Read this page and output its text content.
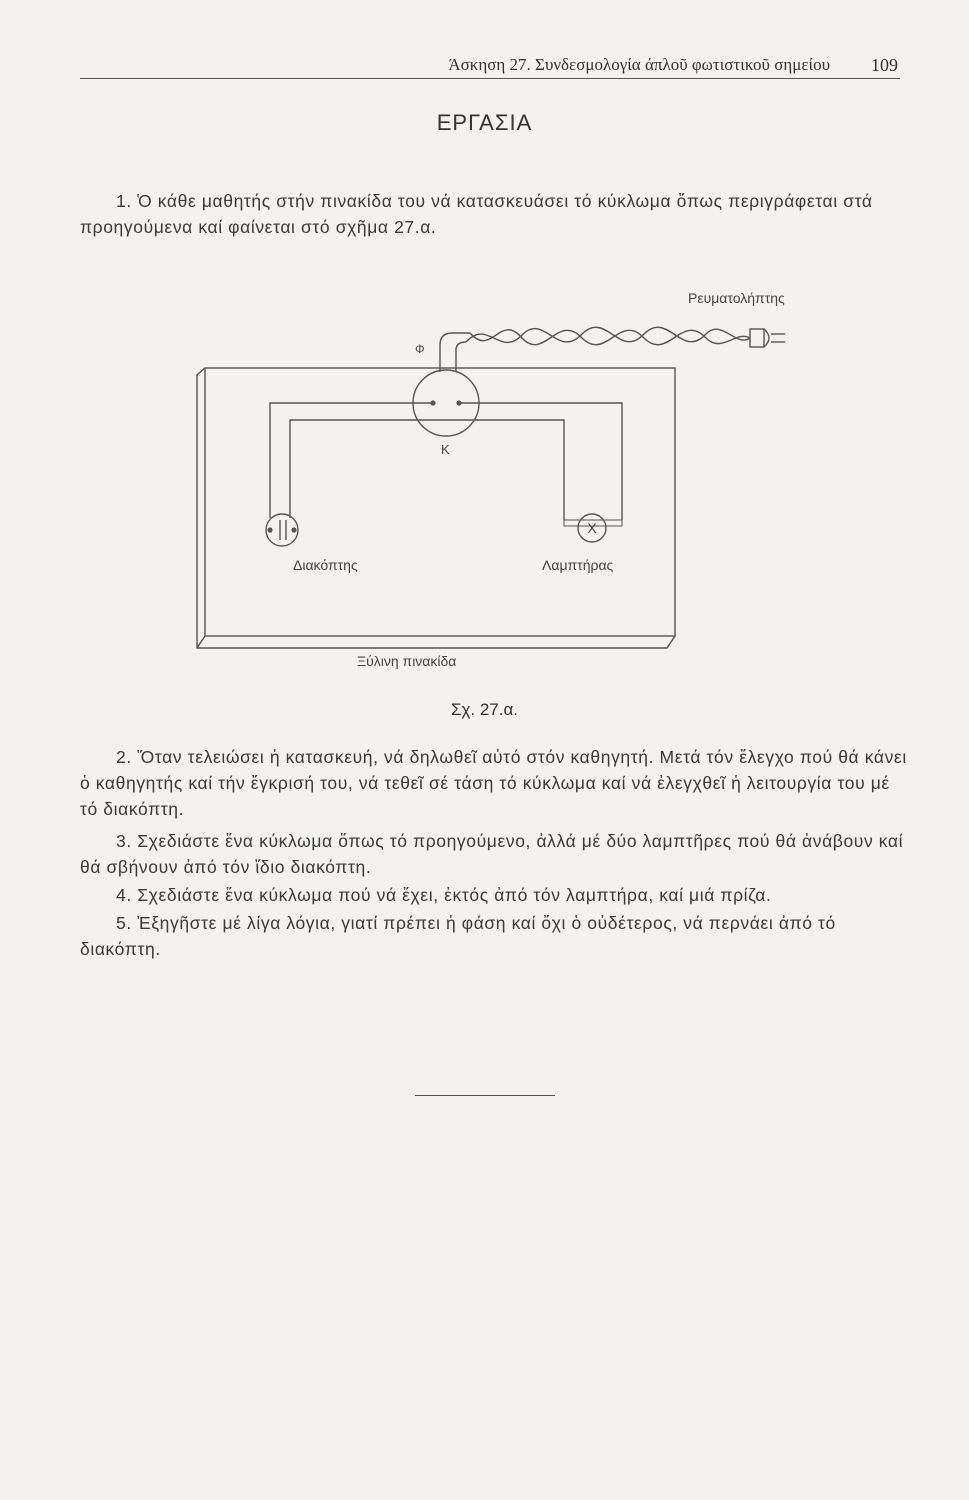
Άσκηση 27. Συνδεσμολογία άπλοῦ φωτιστικοῦ σημείου 109
ΕΡΓΑΣΙΑ
1. Ὁ κάθε μαθητής στήν πινακίδα του νά κατασκευάσει τό κύκλωμα ὅπως περιγράφεται στά προηγούμενα καί φαίνεται στό σχῆμα 27.α.
X
Ρευματολήπτης
Φ
Κ
Διακόπτης	Λαμπτήρας
Ξύλινη πινακίδα
Σχ. 27.α.
2. Ὅταν τελειώσει ἡ κατασκευή, νά δηλωθεῖ αὐτό στόν καθηγητή. Μετά τόν ἔλεγχο πού θά κάνει ὁ καθηγητής καί τήν ἔγκρισή του, νά τεθεῖ σέ τάση τό κύκλωμα καί νά ἐλεγχθεῖ ἡ λειτουργία του μέ τό διακόπτη.
3. Σχεδιάστε ἕνα κύκλωμα ὅπως τό προηγούμενο, ἀλλά μέ δύο λαμπτῆρες πού θά ἀνάβουν καί θά σβήνουν ἀπό τόν ἴδιο διακόπτη.
4. Σχεδιάστε ἕνα κύκλωμα πού νά ἔχει, ἐκτός ἀπό τόν λαμπτήρα, καί μιά πρίζα.
5. Ἐξηγῆστε μέ λίγα λόγια, γιατί πρέπει ἡ φάση καί ὄχι ὁ οὐδέτερος, νά περνάει ἀπό τό διακόπτη.
